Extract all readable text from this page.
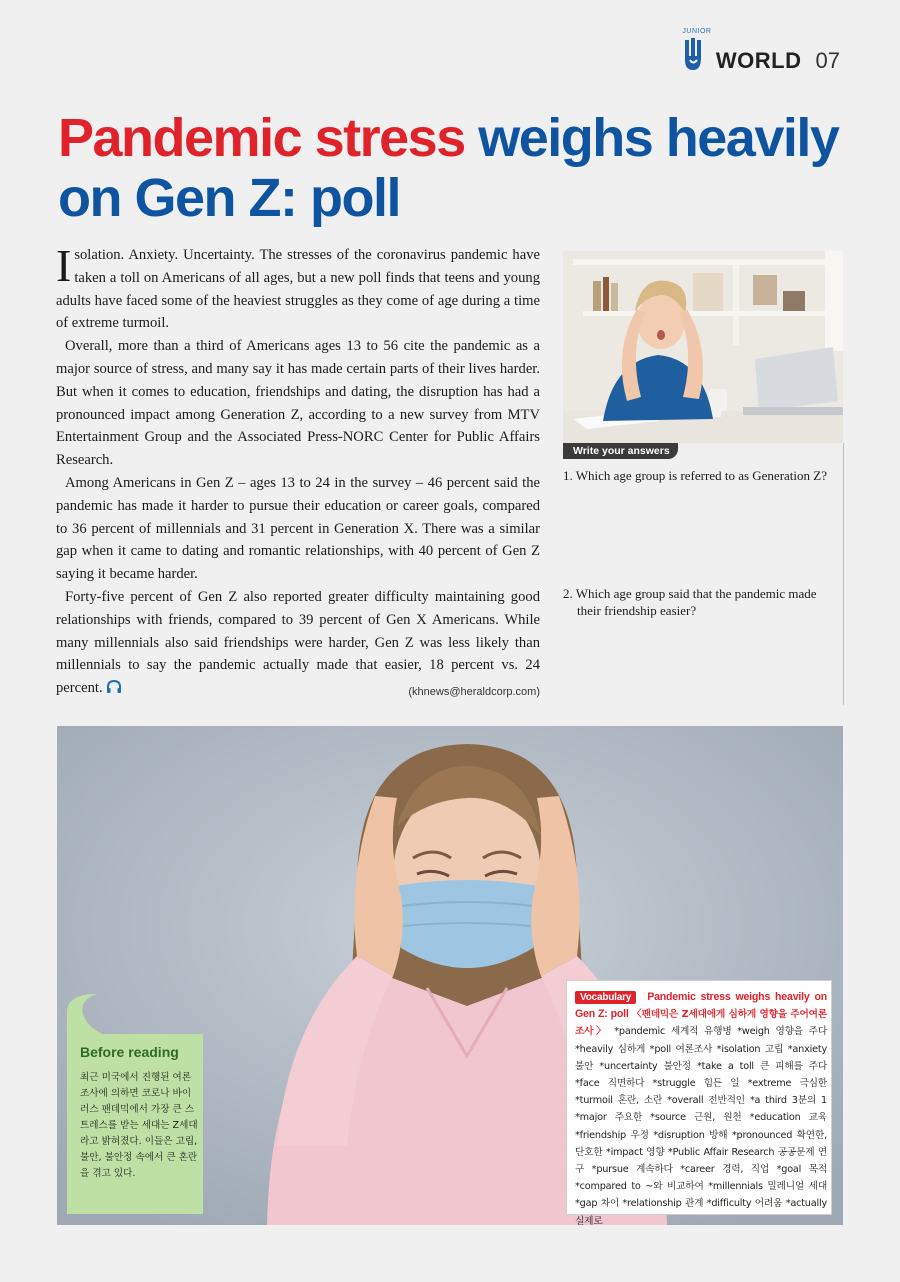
JUNIOR
WORLD 07
Pandemic stress weighs heavily on Gen Z: poll

Isolation. Anxiety. Uncertainty. The stresses of the coronavirus pandemic have taken a toll on Americans of all ages, but a new poll finds that teens and young adults have faced some of the heaviest struggles as they come of age during a time of extreme turmoil.

Overall, more than a third of Americans ages 13 to 56 cite the pandemic as a major source of stress, and many say it has made certain parts of their lives harder. But when it comes to education, friendships and dating, the disruption has had a pronounced impact among Generation Z, according to a new survey from MTV Entertainment Group and the Associated Press-NORC Center for Public Affairs Research.

Among Americans in Gen Z – ages 13 to 24 in the survey – 46 percent said the pandemic has made it harder to pursue their education or career goals, compared to 36 percent of millennials and 31 percent in Generation X. There was a similar gap when it came to dating and romantic relationships, with 40 percent of Gen Z saying it became harder.

Forty-five percent of Gen Z also reported greater difficulty maintaining good relationships with friends, compared to 39 percent of Gen X Americans. While many millennials also said friendships were harder, Gen Z was less likely than millennials to say the pandemic actually made that easier, 18 percent vs. 24 percent.	(khnews@heraldcorp.com)
Write your answers
1. Which age group is referred to as Generation Z?
2. Which age group said that the pandemic made their friendship easier?
Before reading
최근 미국에서 진행된 여론조사에 의하면 코로나 바이러스 팬데믹에서 가장 큰 스트레스를 받는 세대는 Z세대라고 밝혀졌다. 이들은 고립, 불안, 불안정 속에서 큰 혼란을 겪고 있다.
Vocabulary Pandemic stress weighs heavily on Gen Z: poll 〈팬데믹은 Z세대에게 심하게 영향을 주어여론 조사〉 *pandemic 세계적 유행병 *weigh 영향을 주다 *heavily 심하게 *poll 여론조사 *isolation 고립 *anxiety 불안 *uncertainty 불안정 *take a toll 큰 피해를 주다 *face 직면하다 *struggle 힘든 일 *extreme 극심한 *turmoil 혼란, 소란 *overall 전반적인 *a third 3분의 1 *major 주요한 *source 근원, 원천 *education 교육 *friendship 우정 *disruption 방해 *pronounced 확연한, 단호한 *impact 영향 *Public Affair Research 공공문제 연구 *pursue 계속하다 *career 경력, 직업 *goal 목적 *compared to ~와 비교하여 *millennials 밀레니얼 세대 *gap 차이 *relationship 관계 *difficulty 어려움 *actually 실제로
